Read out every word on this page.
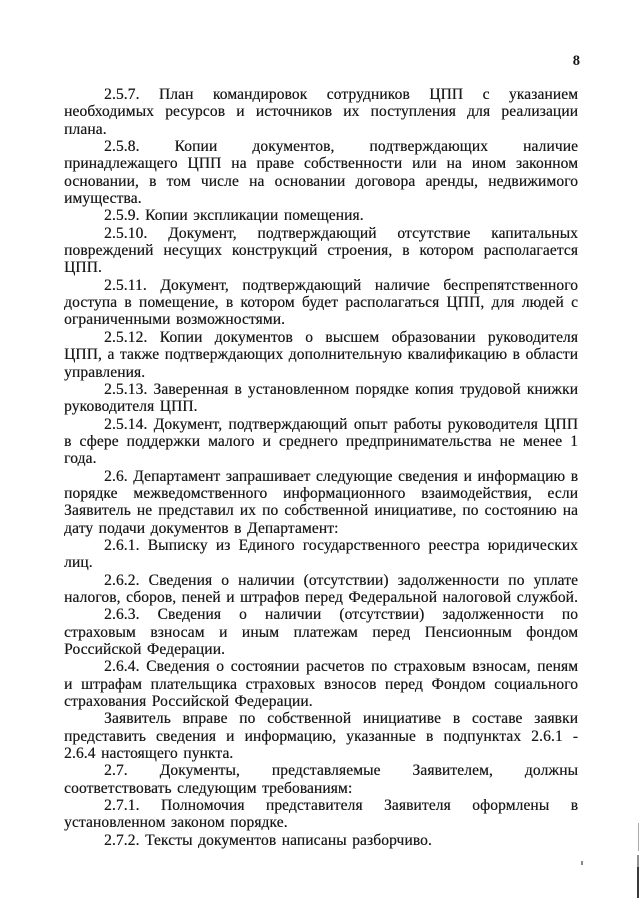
8

2.5.7. План командировок сотрудников ЦПП с указанием необходимых ресурсов и источников их поступления для реализации плана.

2.5.8. Копии документов, подтверждающих наличие принадлежащего ЦПП на праве собственности или на ином законном основании, в том числе на основании договора аренды, недвижимого имущества.

2.5.9. Копии экспликации помещения.

2.5.10. Документ, подтверждающий отсутствие капитальных повреждений несущих конструкций строения, в котором располагается ЦПП.

2.5.11. Документ, подтверждающий наличие беспрепятственного доступа в помещение, в котором будет располагаться ЦПП, для людей с ограниченными возможностями.

2.5.12. Копии документов о высшем образовании руководителя ЦПП, а также подтверждающих дополнительную квалификацию в области управления.

2.5.13. Заверенная в установленном порядке копия трудовой книжки руководителя ЦПП.

2.5.14. Документ, подтверждающий опыт работы руководителя ЦПП в сфере поддержки малого и среднего предпринимательства не менее 1 года.

2.6. Департамент запрашивает следующие сведения и информацию в порядке межведомственного информационного взаимодействия, если Заявитель не представил их по собственной инициативе, по состоянию на дату подачи документов в Департамент:

2.6.1. Выписку из Единого государственного реестра юридических лиц.

2.6.2. Сведения о наличии (отсутствии) задолженности по уплате налогов, сборов, пеней и штрафов перед Федеральной налоговой службой.

2.6.3. Сведения о наличии (отсутствии) задолженности по страховым взносам и иным платежам перед Пенсионным фондом Российской Федерации.

2.6.4. Сведения о состоянии расчетов по страховым взносам, пеням и штрафам плательщика страховых взносов перед Фондом социального страхования Российской Федерации.

Заявитель вправе по собственной инициативе в составе заявки представить сведения и информацию, указанные в подпунктах 2.6.1 - 2.6.4 настоящего пункта.

2.7. Документы, представляемые Заявителем, должны соответствовать следующим требованиям:

2.7.1. Полномочия представителя Заявителя оформлены в установленном законом порядке.

2.7.2. Тексты документов написаны разборчиво.
